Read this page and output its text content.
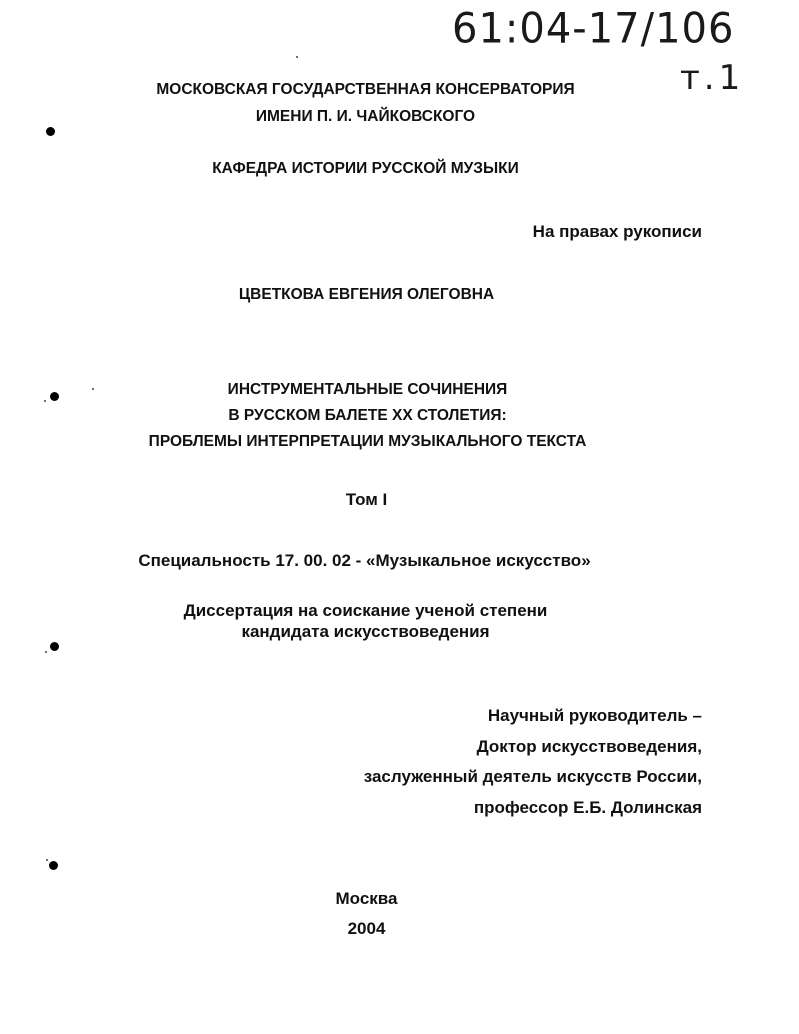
61:04-17/106
т.1
МОСКОВСКАЯ ГОСУДАРСТВЕННАЯ КОНСЕРВАТОРИЯ
ИМЕНИ П. И. ЧАЙКОВСКОГО
КАФЕДРА ИСТОРИИ РУССКОЙ МУЗЫКИ
На правах рукописи
ЦВЕТКОВА ЕВГЕНИЯ ОЛЕГОВНА
ИНСТРУМЕНТАЛЬНЫЕ СОЧИНЕНИЯ
В РУССКОМ БАЛЕТЕ XX СТОЛЕТИЯ:
ПРОБЛЕМЫ ИНТЕРПРЕТАЦИИ МУЗЫКАЛЬНОГО ТЕКСТА
Том I
Специальность 17. 00. 02 - «Музыкальное искусство»
Диссертация на соискание ученой степени
кандидата искусствоведения
Научный руководитель –
Доктор искусствоведения,
заслуженный деятель искусств России,
профессор Е.Б. Долинская
Москва
2004
